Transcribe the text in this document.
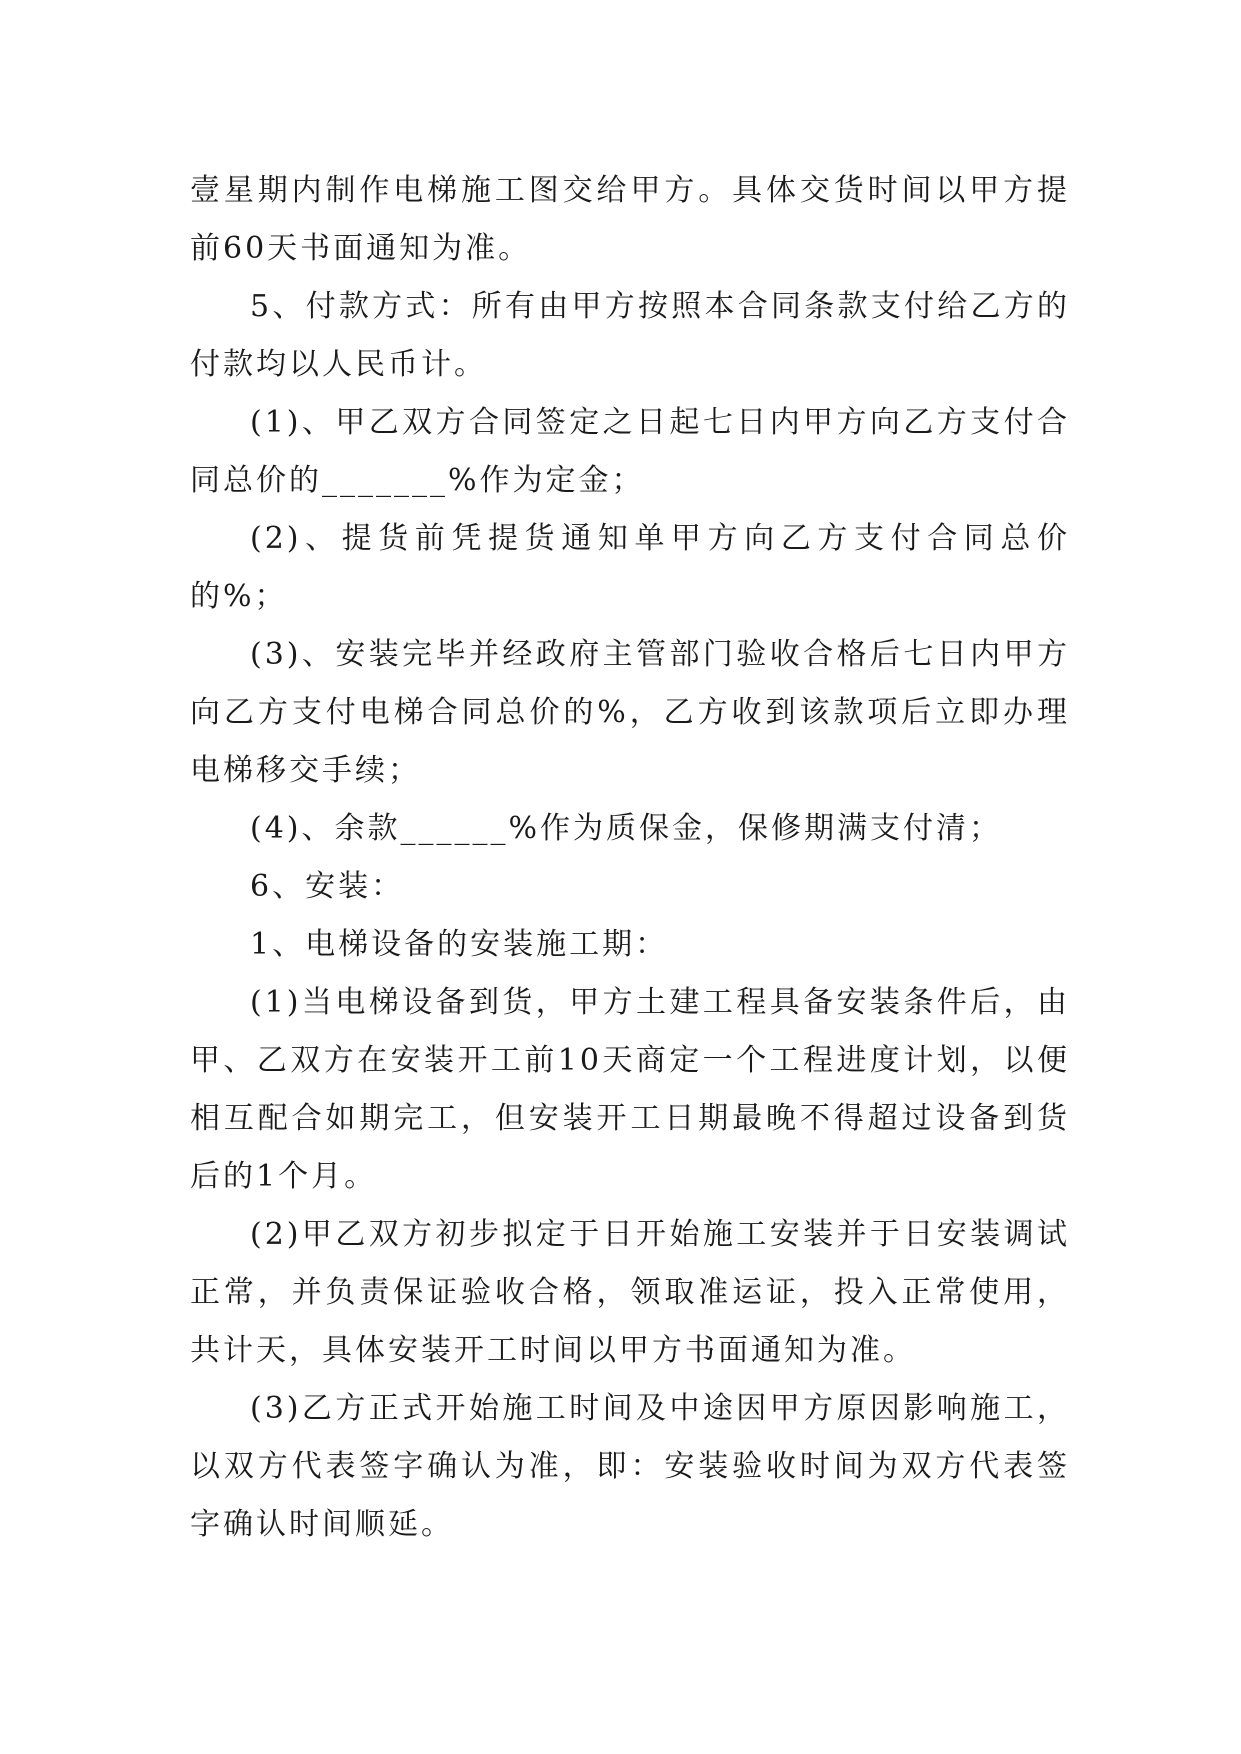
壹星期内制作电梯施工图交给甲方。具体交货时间以甲方提前60天书面通知为准。

5、付款方式：所有由甲方按照本合同条款支付给乙方的付款均以人民币计。

(1)、甲乙双方合同签定之日起七日内甲方向乙方支付合同总价的_______%作为定金；

(2)、提货前凭提货通知单甲方向乙方支付合同总价的%；

(3)、安装完毕并经政府主管部门验收合格后七日内甲方向乙方支付电梯合同总价的%，乙方收到该款项后立即办理电梯移交手续；

(4)、余款______%作为质保金，保修期满支付清；

6、安装：

1、电梯设备的安装施工期：

(1)当电梯设备到货，甲方土建工程具备安装条件后，由甲、乙双方在安装开工前10天商定一个工程进度计划，以便相互配合如期完工，但安装开工日期最晚不得超过设备到货后的1个月。

(2)甲乙双方初步拟定于日开始施工安装并于日安装调试正常，并负责保证验收合格，领取准运证，投入正常使用，共计天，具体安装开工时间以甲方书面通知为准。

(3)乙方正式开始施工时间及中途因甲方原因影响施工，以双方代表签字确认为准，即：安装验收时间为双方代表签字确认时间顺延。
